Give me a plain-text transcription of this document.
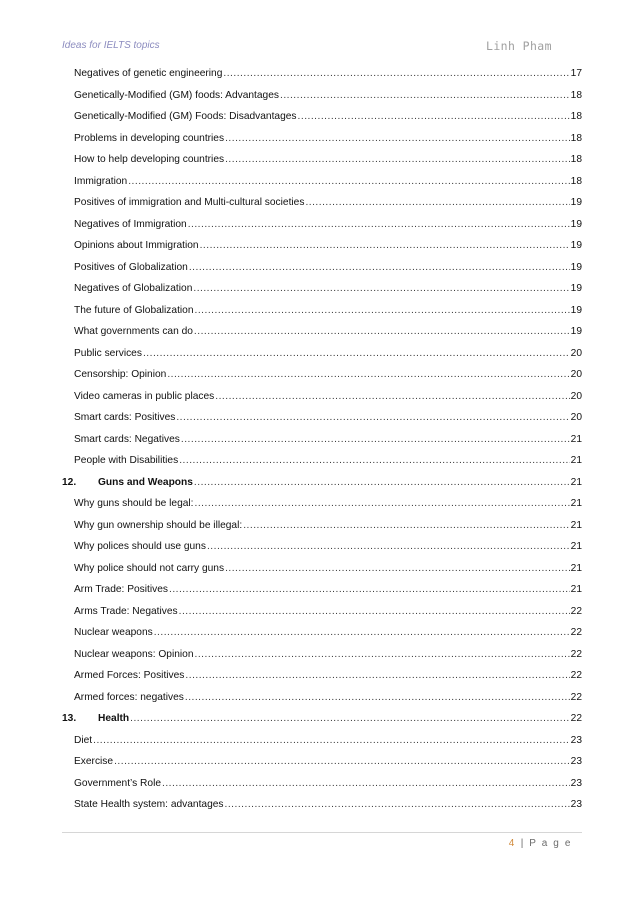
Ideas for IELTS topics	Linh Pham
Negatives of genetic engineering .....	17
Genetically-Modified (GM) foods: Advantages .....	18
Genetically-Modified (GM) Foods: Disadvantages .....	18
Problems in developing countries .....	18
How to help developing countries .....	18
Immigration .....	18
Positives of immigration and Multi-cultural societies .....	19
Negatives of Immigration .....	19
Opinions about Immigration .....	19
Positives of Globalization .....	19
Negatives of Globalization .....	19
The future of Globalization .....	19
What governments can do .....	19
Public services .....	20
Censorship: Opinion .....	20
Video cameras in public places .....	20
Smart cards: Positives .....	20
Smart cards: Negatives .....	21
People with Disabilities .....	21
12.	Guns and Weapons .....	21
Why guns should be legal: .....	21
Why gun ownership should be illegal: .....	21
Why polices should use guns .....	21
Why police should not carry guns .....	21
Arm Trade: Positives .....	21
Arms Trade: Negatives .....	22
Nuclear weapons .....	22
Nuclear weapons: Opinion .....	22
Armed Forces: Positives .....	22
Armed forces: negatives .....	22
13.	Health .....	22
Diet .....	23
Exercise .....	23
Government’s Role .....	23
State Health system: advantages .....	23
4 | P a g e
